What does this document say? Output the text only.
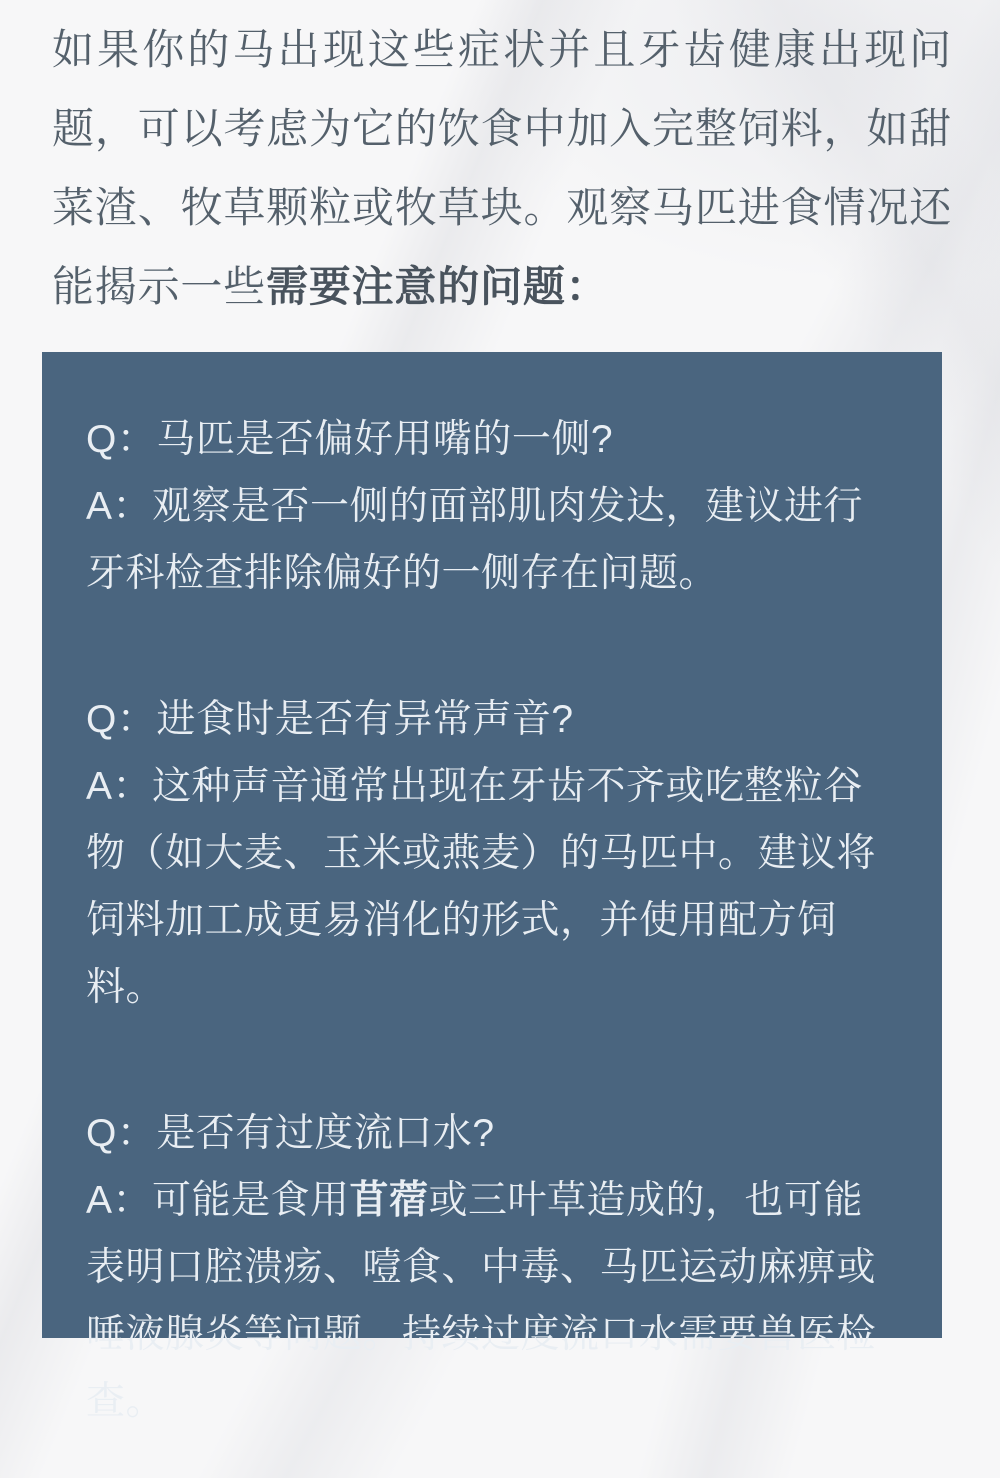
如果你的马出现这些症状并且牙齿健康出现问题，可以考虑为它的饮食中加入完整饲料，如甜菜渣、牧草颗粒或牧草块。观察马匹进食情况还能揭示一些需要注意的问题：

Q：马匹是否偏好用嘴的一侧?

A：观察是否一侧的面部肌肉发达，建议进行牙科检查排除偏好的一侧存在问题。

Q：进食时是否有异常声音?

A：这种声音通常出现在牙齿不齐或吃整粒谷物（如大麦、玉米或燕麦）的马匹中。建议将饲料加工成更易消化的形式，并使用配方饲料。

Q：是否有过度流口水?

A：可能是食用苜蓿或三叶草造成的，也可能表明口腔溃疡、噎食、中毒、马匹运动麻痹或唾液腺炎等问题。持续过度流口水需要兽医检查。
